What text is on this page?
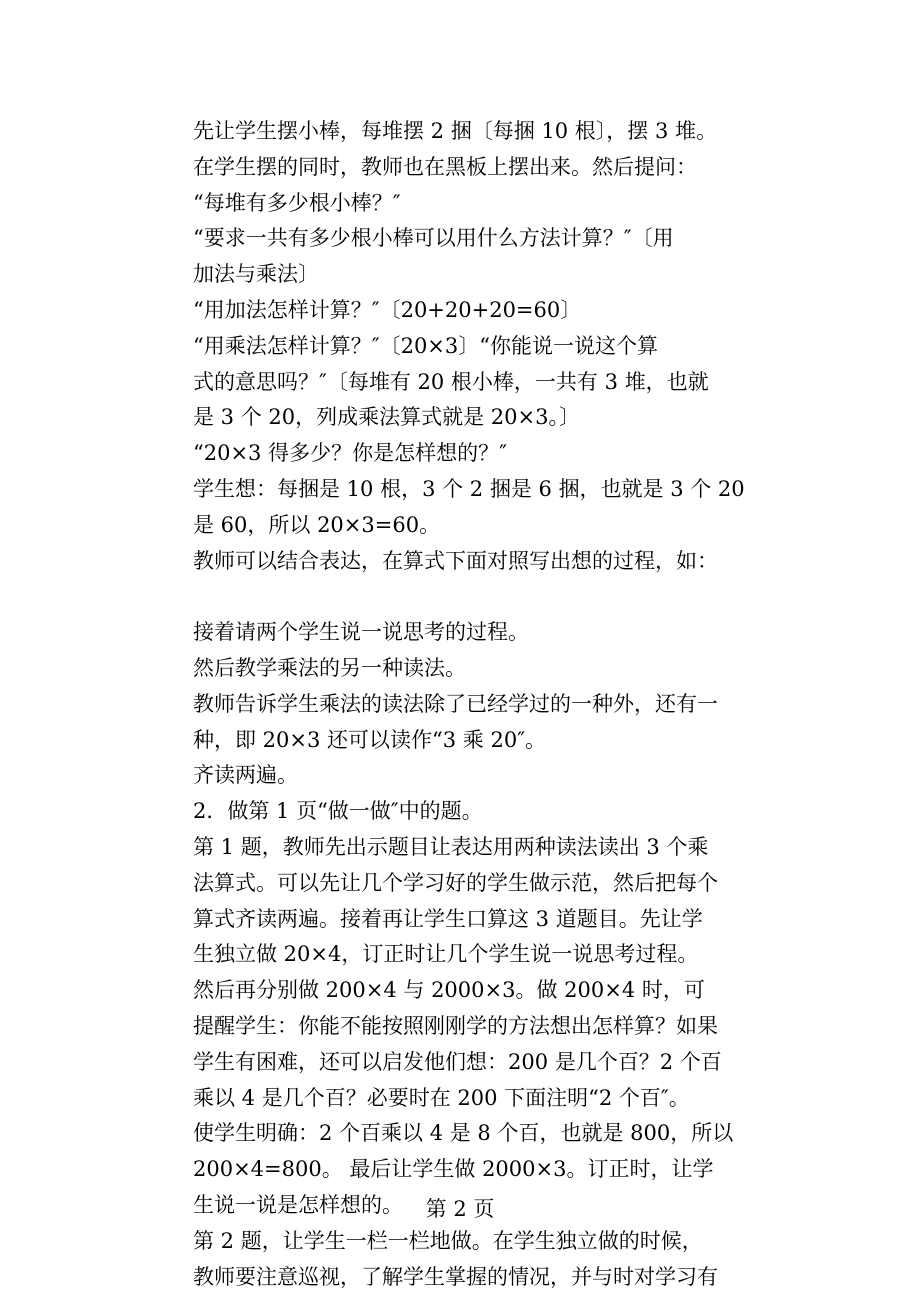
先让学生摆小棒，每堆摆 2 捆〔每捆 10 根〕，摆 3 堆。
在学生摆的同时，教师也在黑板上摆出来。然后提问：
“每堆有多少根小棒？″
“要求一共有多少根小棒可以用什么方法计算？″〔用
加法与乘法〕
“用加法怎样计算？″〔20+20+20=60〕
“用乘法怎样计算？″〔20×3〕“你能说一说这个算
式的意思吗？″〔每堆有 20 根小棒，一共有 3 堆，也就
是 3 个 20，列成乘法算式就是 20×3。〕
“20×3 得多少？你是怎样想的？″
学生想：每捆是 10 根，3 个 2 捆是 6 捆，也就是 3 个 20
是 60，所以 20×3=60。
教师可以结合表达，在算式下面对照写出想的过程，如：
接着请两个学生说一说思考的过程。
然后教学乘法的另一种读法。
教师告诉学生乘法的读法除了已经学过的一种外，还有一
种，即 20×3 还可以读作“3 乘 20″。
齐读两遍。
2．做第 1 页“做一做″中的题。
第 1 题，教师先出示题目让表达用两种读法读出 3 个乘
法算式。可以先让几个学习好的学生做示范，然后把每个
算式齐读两遍。接着再让学生口算这 3 道题目。先让学
生独立做 20×4，订正时让几个学生说一说思考过程。
然后再分别做 200×4 与 2000×3。做 200×4 时，可
提醒学生：你能不能按照刚刚学的方法想出怎样算？如果
学生有困难，还可以启发他们想：200 是几个百？2 个百
乘以 4 是几个百？必要时在 200 下面注明“2 个百″。
使学生明确：2 个百乘以 4 是 8 个百，也就是 800，所以
200×4=800。 最后让学生做 2000×3。订正时，让学
生说一说是怎样想的。
第 2 题，让学生一栏一栏地做。在学生独立做的时候，
教师要注意巡视，了解学生掌握的情况，并与时对学习有
第 2 页
